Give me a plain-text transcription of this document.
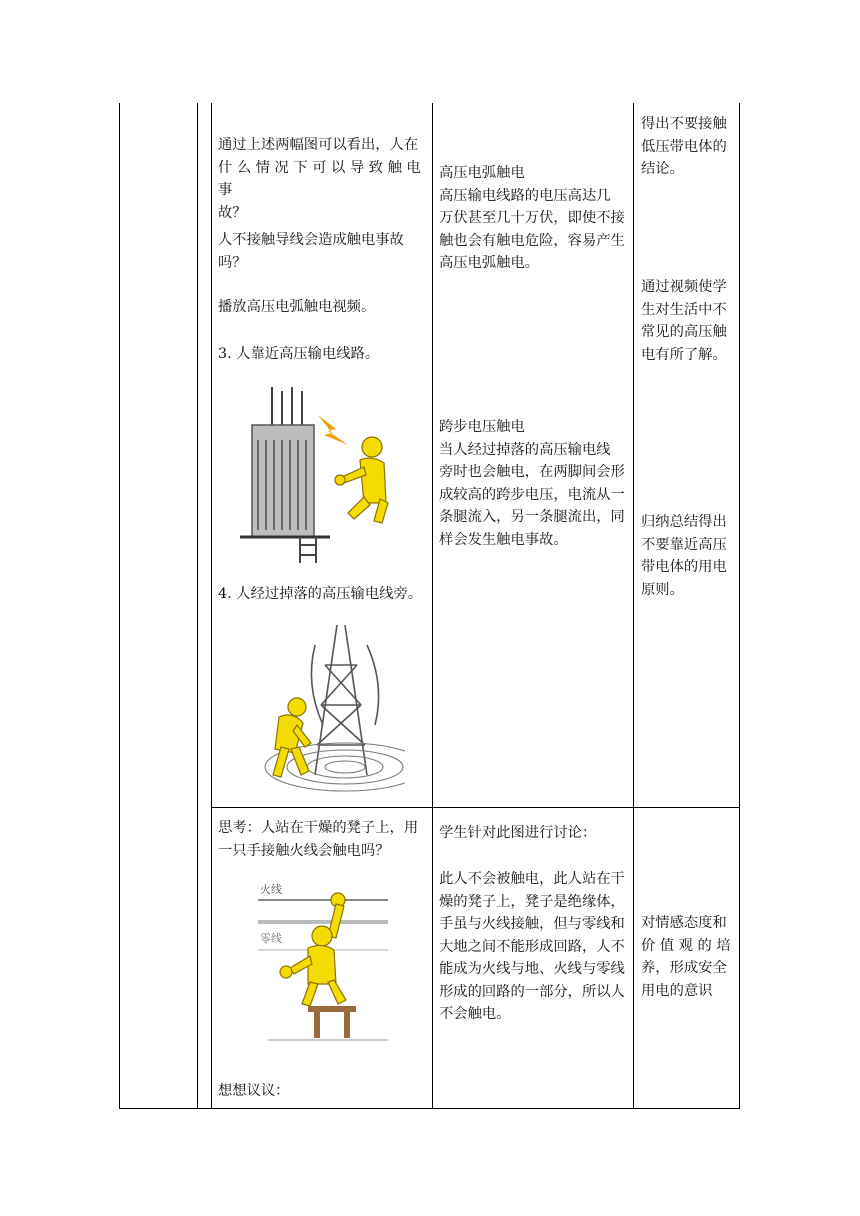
通过上述两幅图可以看出，人在

什 么 情 况 下 可 以 导 致 触 电 事

故？

人不接触导线会造成触电事故

吗？

播放高压电弧触电视频。
3. 人靠近高压输电线路。
4. 人经过掉落的高压输电线旁。

高压电弧触电

高压输电线路的电压高达几

万伏甚至几十万伏，即使不接

触也会有触电危险，容易产生

高压电弧触电。

跨步电压触电

当人经过掉落的高压输电线

旁时也会触电，在两脚间会形

成较高的跨步电压，电流从一

条腿流入，另一条腿流出，同

样会发生触电事故。

得出不要接触

低压带电体的

结论。

通过视频使学

生对生活中不

常见的高压触

电有所了解。

归纳总结得出

不要靠近高压

带电体的用电

原则。

思考：人站在干燥的凳子上，用

一只手接触火线会触电吗？

火线
零线
想想议议：
学生针对此图进行讨论：

此人不会被触电，此人站在干

燥的凳子上，凳子是绝缘体，

手虽与火线接触，但与零线和

大地之间不能形成回路，人不

能成为火线与地、火线与零线

形成的回路的一部分，所以人

不会触电。

对情感态度和

价 值 观 的 培

养，形成安全

用电的意识
